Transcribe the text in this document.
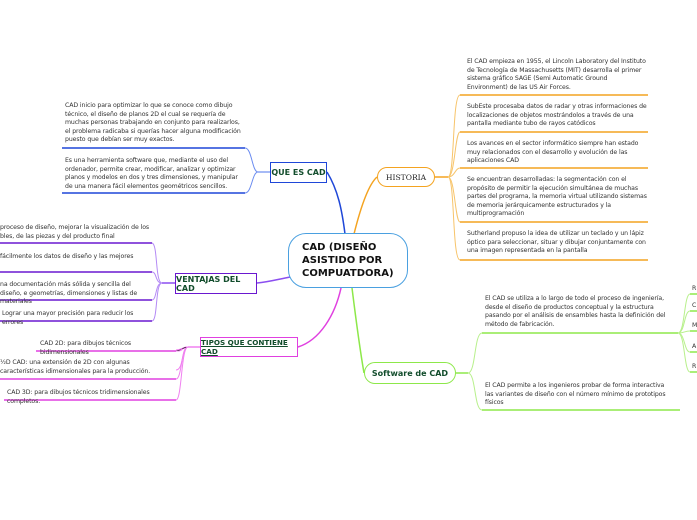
CAD (DISEÑO
ASISTIDO POR
COMPUATDORA)
QUE ES CAD
VENTAJAS DEL CAD
TIPOS QUE CONTIENE CAD
HISTORIA
Software de CAD
CAD inicio para optimizar lo que se conoce como dibujo técnico, el diseño de planos 2D el cual se requería de muchas personas trabajando en conjunto para realizarlos, el problema radicaba si querías hacer alguna modificación puesto que debían ser muy exactos.
Es una herramienta software que, mediante el uso del ordenador, permite crear, modificar, analizar y optimizar planos y modelos en dos y tres dimensiones, y manipular de una manera fácil elementos geométricos sencillos.
proceso de diseño, mejorar la visualización de los bles, de las piezas y del producto final
fácilmente los datos de diseño y las mejores
na documentación más sólida y sencilla del diseño, e geometrías, dimensiones y listas de materiales
Lograr una mayor precisión para reducir los errores
CAD 2D: para dibujos técnicos bidimensionales
½D CAD: una extensión de 2D con algunas características idimensionales para la producción.
CAD 3D: para dibujos técnicos tridimensionales completos.
El CAD empieza en 1955, el Lincoln Laboratory del Instituto de Tecnología de Massachusetts (MIT) desarrolla el primer sistema gráfico SAGE (Semi Automatic Ground Environment) de las US Air Forces.
SubEste procesaba datos de radar y otras informaciones de localizaciones de objetos mostrándolos a través de una pantalla mediante tubo de rayos catódicos
Los avances en el sector informático siempre han estado muy relacionados con el desarrollo y evolución de las aplicaciones CAD
Se encuentran desarrolladas: la segmentación con el propósito de permitir la ejecución simultánea de muchas partes del programa, la memoria virtual utilizando sistemas de memoria jerárquicamente estructurados y la multiprogramación
Sutherland propuso la idea de utilizar un teclado y un lápiz óptico para seleccionar, situar y dibujar conjuntamente con una imagen representada en la pantalla
El CAD se utiliza a lo largo de todo el proceso de ingeniería, desde el diseño de productos conceptual y la estructura pasando por el análisis de ensambles hasta la definición del método de fabricación.
El CAD permite a los ingenieros probar de forma interactiva las variantes de diseño con el número mínimo de prototipos físicos
R
C
M
A
R
